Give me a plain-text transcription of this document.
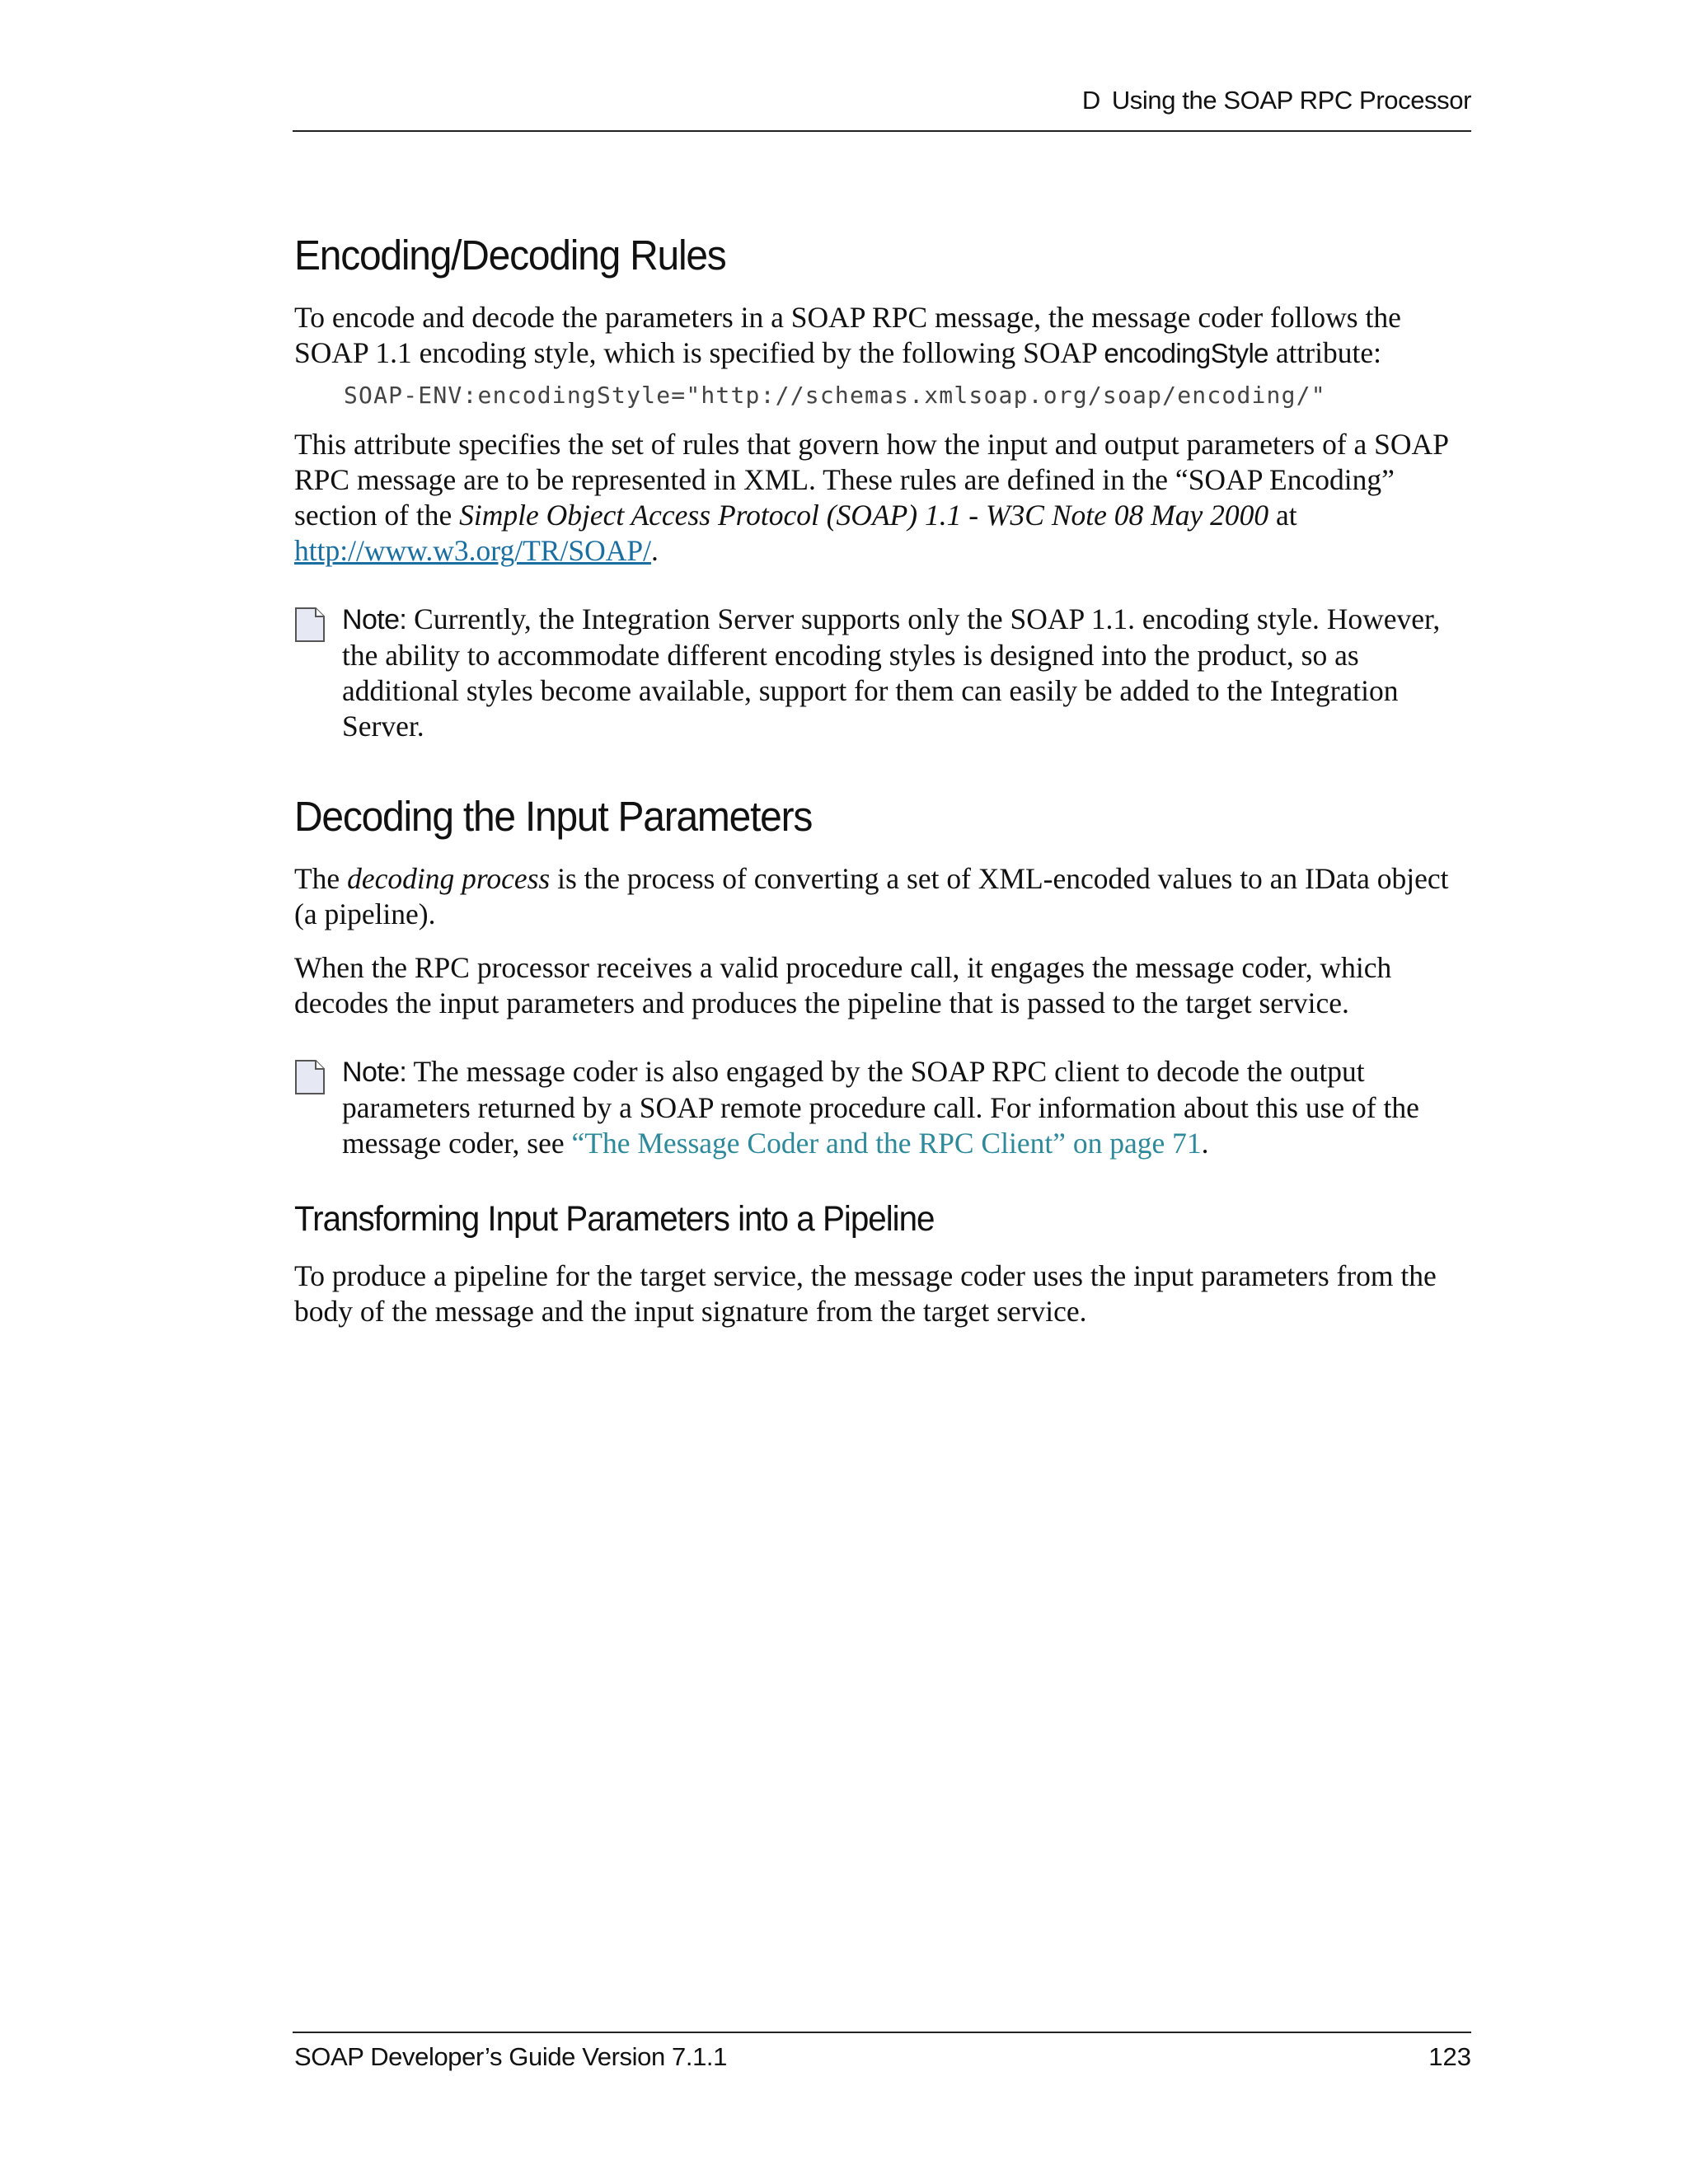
D Using the SOAP RPC Processor
Encoding/Decoding Rules

To encode and decode the parameters in a SOAP RPC message, the message coder follows the SOAP 1.1 encoding style, which is specified by the following SOAP encodingStyle attribute:

SOAP-ENV:encodingStyle="http://schemas.xmlsoap.org/soap/encoding/"

This attribute specifies the set of rules that govern how the input and output parameters of a SOAP RPC message are to be represented in XML. These rules are defined in the “SOAP Encoding” section of the Simple Object Access Protocol (SOAP) 1.1 - W3C Note 08 May 2000 at http://www.w3.org/TR/SOAP/.

Note: Currently, the Integration Server supports only the SOAP 1.1. encoding style. However, the ability to accommodate different encoding styles is designed into the product, so as additional styles become available, support for them can easily be added to the Integration Server.

Decoding the Input Parameters

The decoding process is the process of converting a set of XML-encoded values to an IData object (a pipeline).

When the RPC processor receives a valid procedure call, it engages the message coder, which decodes the input parameters and produces the pipeline that is passed to the target service.

Note: The message coder is also engaged by the SOAP RPC client to decode the output parameters returned by a SOAP remote procedure call. For information about this use of the message coder, see “The Message Coder and the RPC Client” on page 71.

Transforming Input Parameters into a Pipeline

To produce a pipeline for the target service, the message coder uses the input parameters from the body of the message and the input signature from the target service.

SOAP Developer’s Guide Version 7.1.1	123
